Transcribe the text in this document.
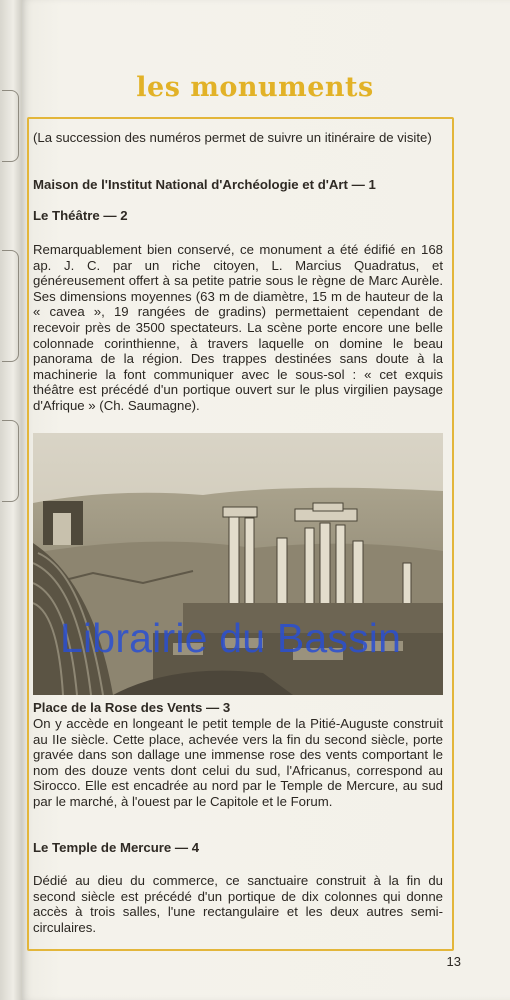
les monuments

(La succession des numéros permet de suivre un itinéraire de visite)

Maison de l'Institut National d'Archéologie et d'Art — 1

Le Théâtre — 2

Remarquablement bien conservé, ce monument a été édifié en 168 ap. J. C. par un riche citoyen, L. Marcius Quadratus, et généreusement offert à sa petite patrie sous le règne de Marc Aurèle. Ses dimensions moyennes (63 m de diamètre, 15 m de hauteur de la « cavea », 19 rangées de gradins) permettaient cependant de recevoir près de 3500 spectateurs. La scène porte encore une belle colonnade corinthienne, à travers laquelle on domine le beau panorama de la région. Des trappes destinées sans doute à la machinerie la font communiquer avec le sous-sol : « cet exquis théâtre est précédé d'un portique ouvert sur le plus virgilien paysage d'Afrique » (Ch. Saumagne).

Librairie du Bassin

Place de la Rose des Vents — 3

On y accède en longeant le petit temple de la Pitié-Auguste construit au IIe siècle. Cette place, achevée vers la fin du second siècle, porte gravée dans son dallage une immense rose des vents comportant le nom des douze vents dont celui du sud, l'Africanus, correspond au Sirocco. Elle est encadrée au nord par le Temple de Mercure, au sud par le marché, à l'ouest par le Capitole et le Forum.

Le Temple de Mercure — 4

Dédié au dieu du commerce, ce sanctuaire construit à la fin du second siècle est précédé d'un portique de dix colonnes qui donne accès à trois salles, l'une rectangulaire et les deux autres semi-circulaires.

13
